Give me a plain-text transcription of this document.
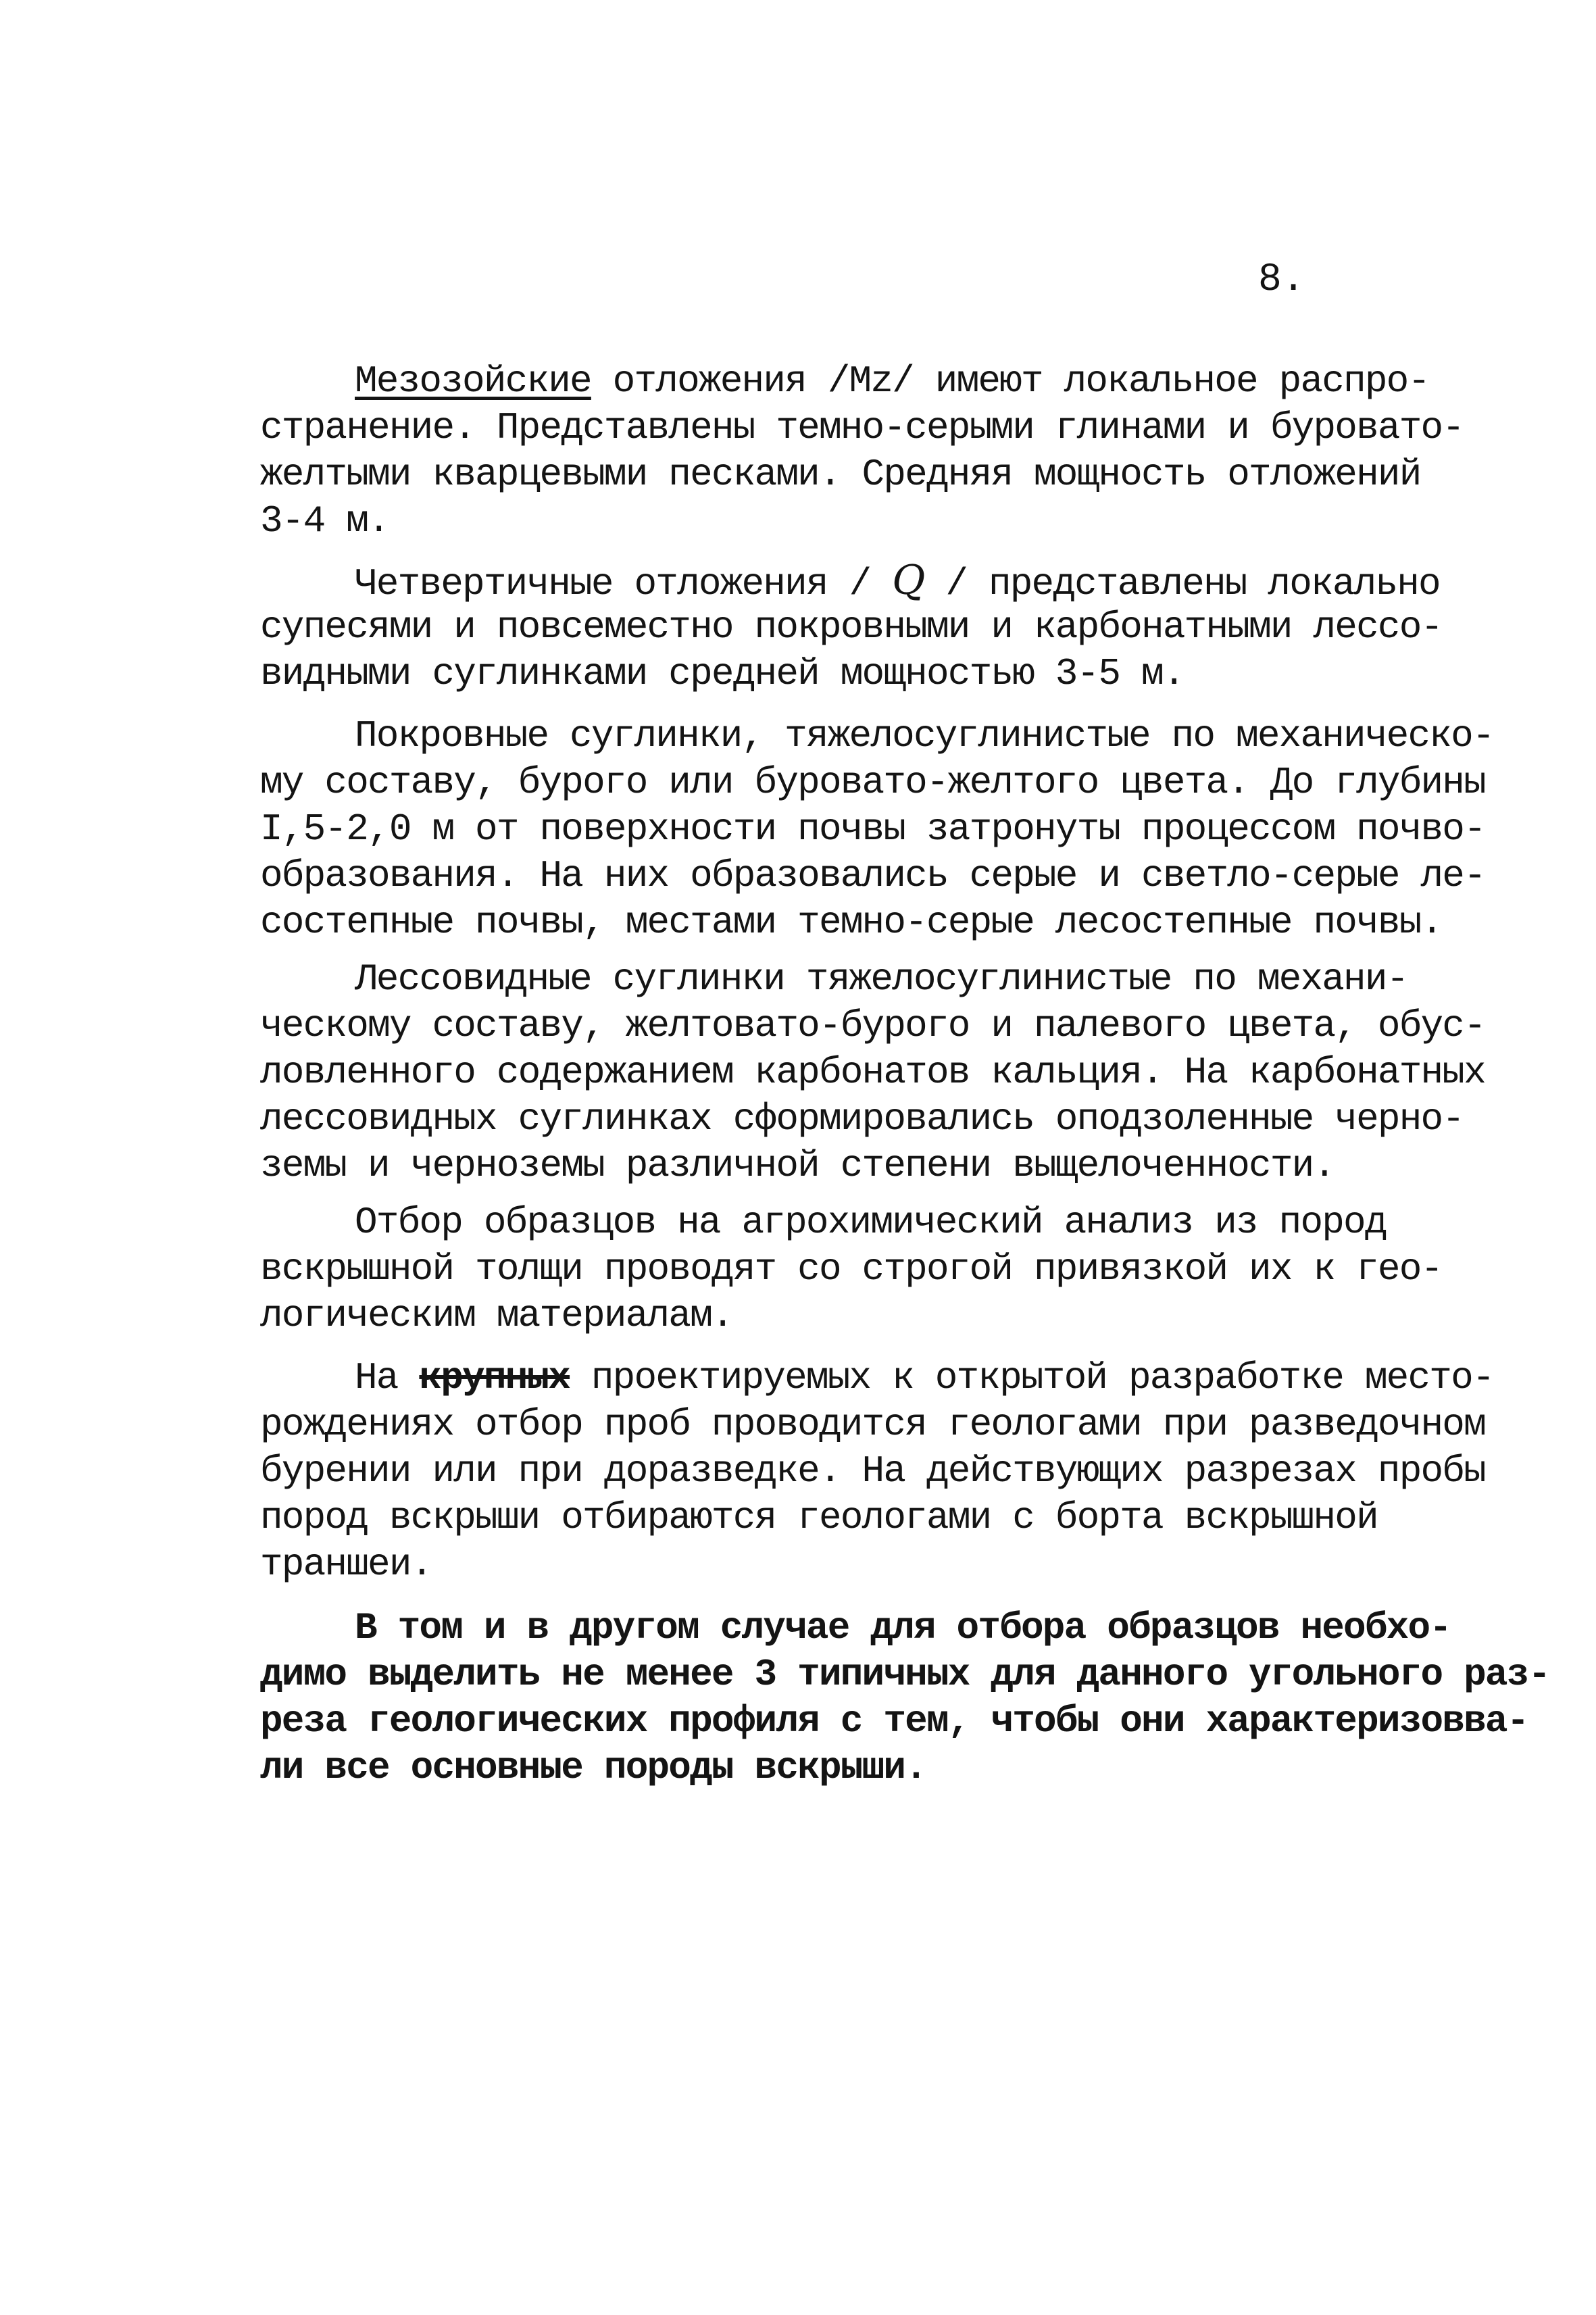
8.
Мезозойские отложения /Mz/ имеют локальное распро-
странение. Представлены темно-серыми глинами и буровато-
желтыми кварцевыми песками. Средняя мощность отложений
3-4 м.
Четвертичные отложения / Q / представлены локально
супесями и повсеместно покровными и карбонатными лессо-
видными суглинками средней мощностью 3-5 м.
Покровные суглинки, тяжелосуглинистые по механическо-
му составу, бурого или буровато-желтого цвета. До глубины
I,5-2,0 м от поверхности почвы затронуты процессом почво-
образования. На них образовались серые и светло-серые ле-
состепные почвы, местами темно-серые лесостепные почвы.
Лессовидные суглинки тяжелосуглинистые по механи-
ческому составу, желтовато-бурого и палевого цвета, обус-
ловленного содержанием карбонатов кальция. На карбонатных
лессовидных суглинках сформировались оподзоленные черно-
земы и черноземы различной степени выщелоченности.
Отбор образцов на агрохимический анализ из пород
вскрышной толщи проводят со строгой привязкой их к гео-
логическим материалам.
На крупных проектируемых к открытой разработке место-
рождениях отбор проб проводится геологами при разведочном
бурении или при доразведке. На действующих разрезах пробы
пород вскрыши отбираются геологами с борта вскрышной
траншеи.
В том и в другом случае для отбора образцов необхо-
димо выделить не менее 3 типичных для данного угольного раз-
реза геологических профиля с тем, чтобы они характеризовва-
ли все основные породы вскрыши.
